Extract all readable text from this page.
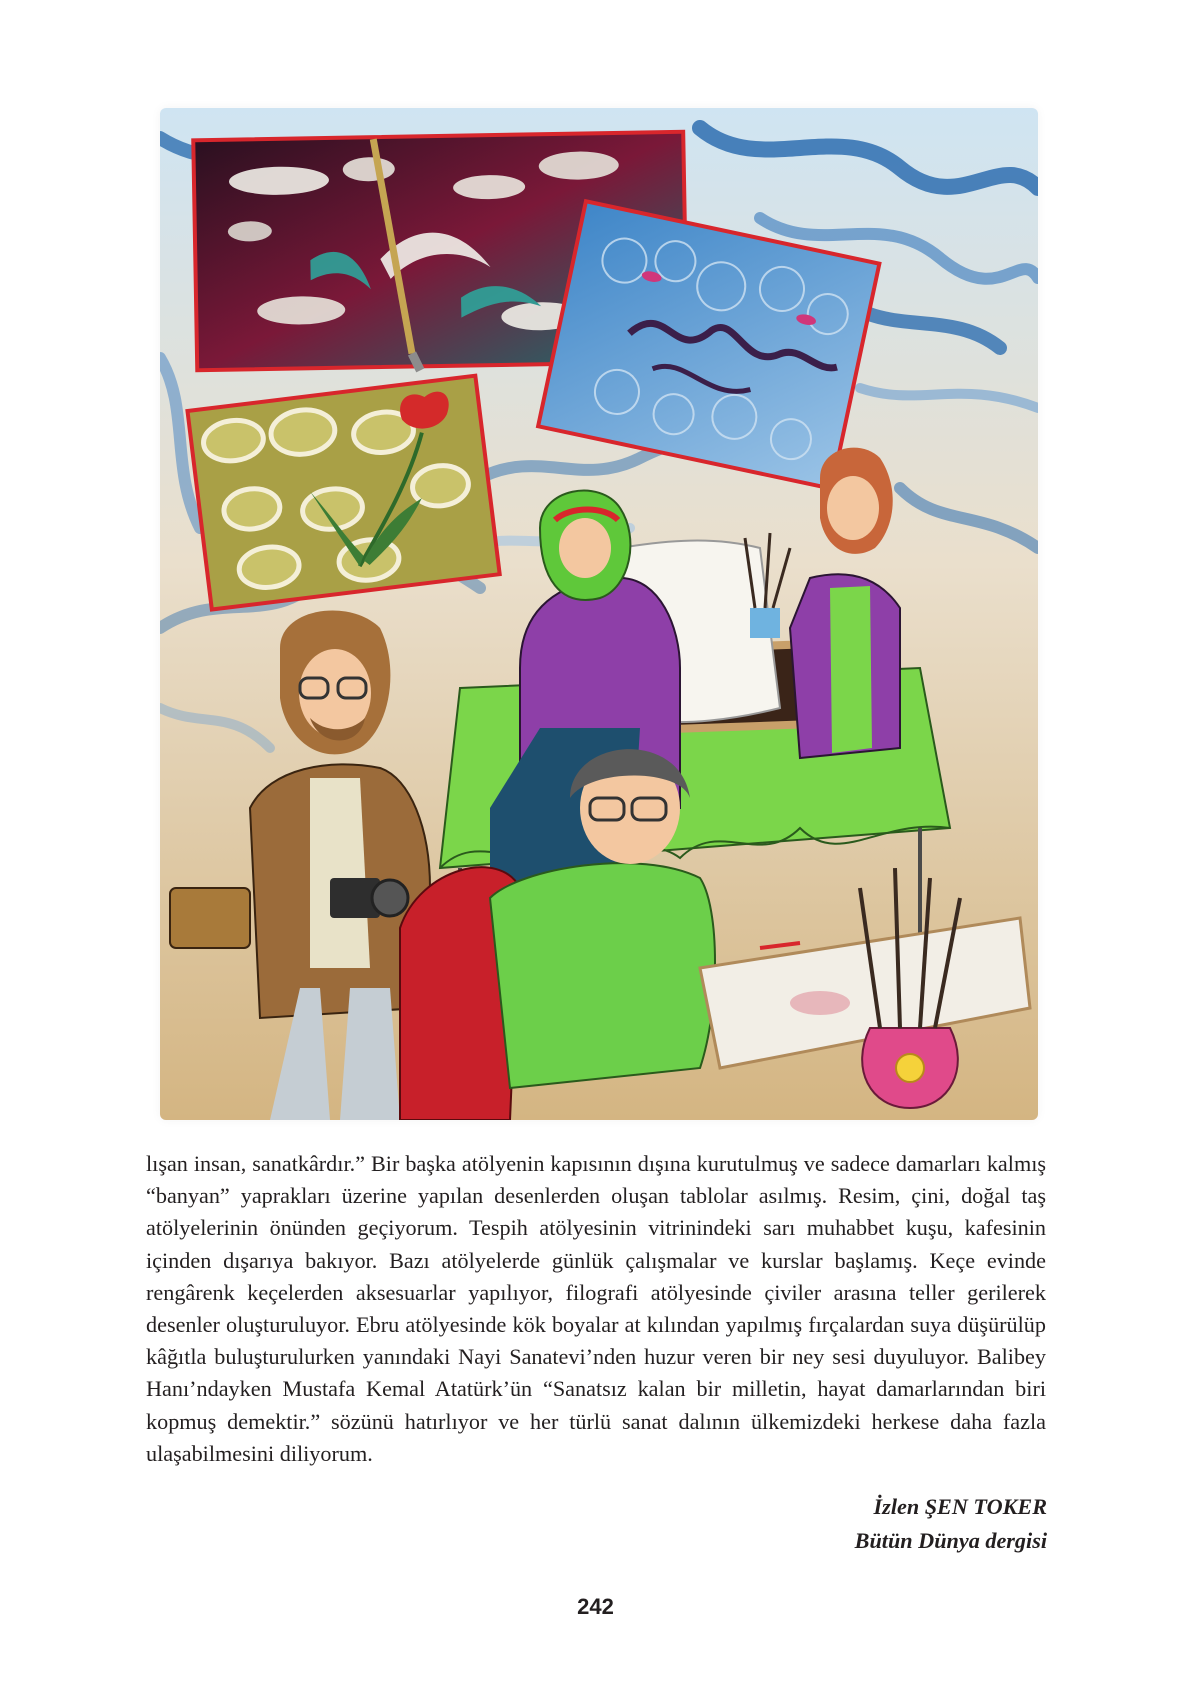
lışan insan, sanatkârdır.” Bir başka atölyenin kapısının dışına kurutulmuş ve sadece damarları kalmış “banyan” yaprakları üzerine yapılan desenlerden oluşan tablolar asılmış. Resim, çini, doğal taş atölyelerinin önünden geçiyorum. Tespih atölyesinin vitrinindeki sarı muhabbet kuşu, kafesinin içinden dışarıya bakıyor. Bazı atölyelerde günlük çalışmalar ve kurslar başlamış. Keçe evinde rengârenk keçelerden aksesuarlar yapılıyor, filografi atölyesinde çiviler arasına teller gerilerek desenler oluşturuluyor. Ebru atölyesinde kök boyalar at kılından yapılmış fırçalardan suya düşürülüp kâğıtla buluşturulurken yanındaki Nayi Sanatevi’nden huzur veren bir ney sesi duyuluyor. Balibey Hanı’ndayken Mustafa Kemal Atatürk’ün “Sanatsız kalan bir milletin, hayat damarlarından biri kopmuş demektir.” sözünü hatırlıyor ve her türlü sanat dalının ülkemizdeki herkese daha fazla ulaşabilmesini diliyorum.

İzlen ŞEN TOKER
Bütün Dünya dergisi
242
